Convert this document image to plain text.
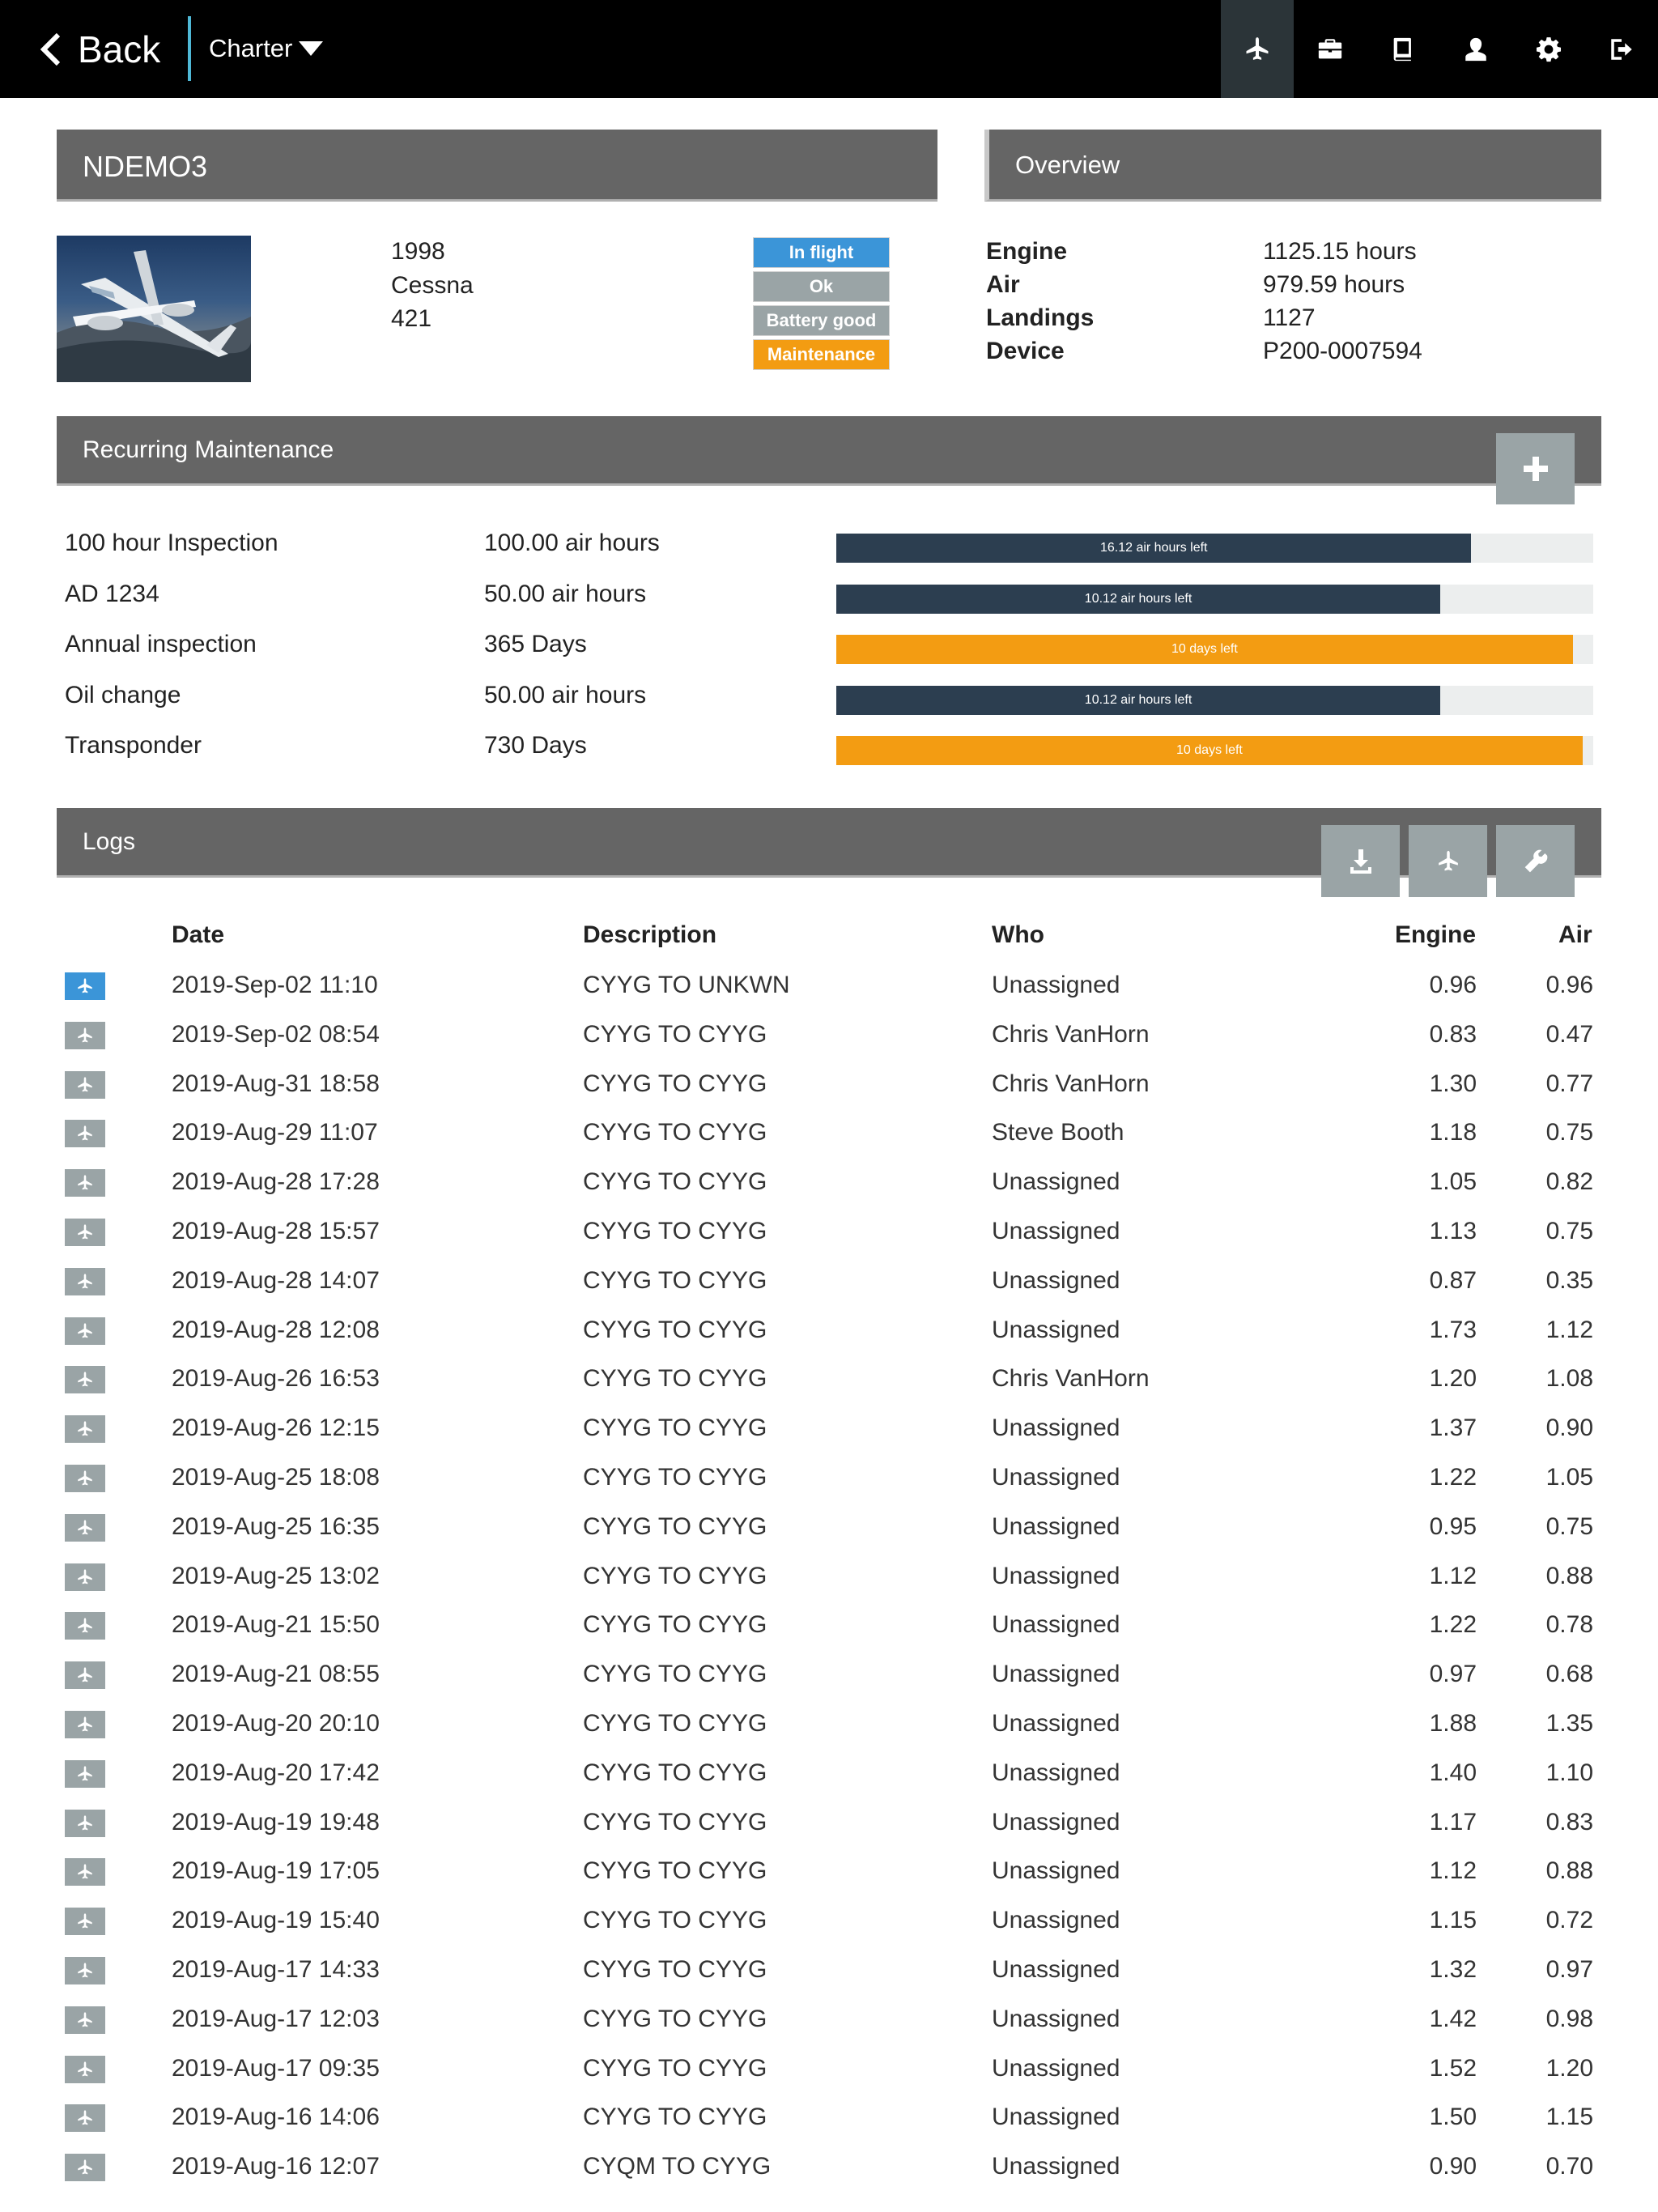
Back Charter
NDEMO3	Overview
1998
Cessna
421
In flight
Ok
Battery good
Maintenance
Engine	1125.15 hours
Air	979.59 hours
Landings	1127
Device	P200-0007594
Recurring Maintenance
100 hour Inspection	100.00 air hours	16.12 air hours left
AD 1234	50.00 air hours	10.12 air hours left
Annual inspection	365 Days	10 days left
Oil change	50.00 air hours	10.12 air hours left
Transponder	730 Days	10 days left
Logs
Date	Description	Who	Engine	Air
2019-Sep-02 11:10	CYYG TO UNKWN	Unassigned	0.96	0.96
2019-Sep-02 08:54	CYYG TO CYYG	Chris VanHorn	0.83	0.47
2019-Aug-31 18:58	CYYG TO CYYG	Chris VanHorn	1.30	0.77
2019-Aug-29 11:07	CYYG TO CYYG	Steve Booth	1.18	0.75
2019-Aug-28 17:28	CYYG TO CYYG	Unassigned	1.05	0.82
2019-Aug-28 15:57	CYYG TO CYYG	Unassigned	1.13	0.75
2019-Aug-28 14:07	CYYG TO CYYG	Unassigned	0.87	0.35
2019-Aug-28 12:08	CYYG TO CYYG	Unassigned	1.73	1.12
2019-Aug-26 16:53	CYYG TO CYYG	Chris VanHorn	1.20	1.08
2019-Aug-26 12:15	CYYG TO CYYG	Unassigned	1.37	0.90
2019-Aug-25 18:08	CYYG TO CYYG	Unassigned	1.22	1.05
2019-Aug-25 16:35	CYYG TO CYYG	Unassigned	0.95	0.75
2019-Aug-25 13:02	CYYG TO CYYG	Unassigned	1.12	0.88
2019-Aug-21 15:50	CYYG TO CYYG	Unassigned	1.22	0.78
2019-Aug-21 08:55	CYYG TO CYYG	Unassigned	0.97	0.68
2019-Aug-20 20:10	CYYG TO CYYG	Unassigned	1.88	1.35
2019-Aug-20 17:42	CYYG TO CYYG	Unassigned	1.40	1.10
2019-Aug-19 19:48	CYYG TO CYYG	Unassigned	1.17	0.83
2019-Aug-19 17:05	CYYG TO CYYG	Unassigned	1.12	0.88
2019-Aug-19 15:40	CYYG TO CYYG	Unassigned	1.15	0.72
2019-Aug-17 14:33	CYYG TO CYYG	Unassigned	1.32	0.97
2019-Aug-17 12:03	CYYG TO CYYG	Unassigned	1.42	0.98
2019-Aug-17 09:35	CYYG TO CYYG	Unassigned	1.52	1.20
2019-Aug-16 14:06	CYYG TO CYYG	Unassigned	1.50	1.15
2019-Aug-16 12:07	CYQM TO CYYG	Unassigned	0.90	0.70
